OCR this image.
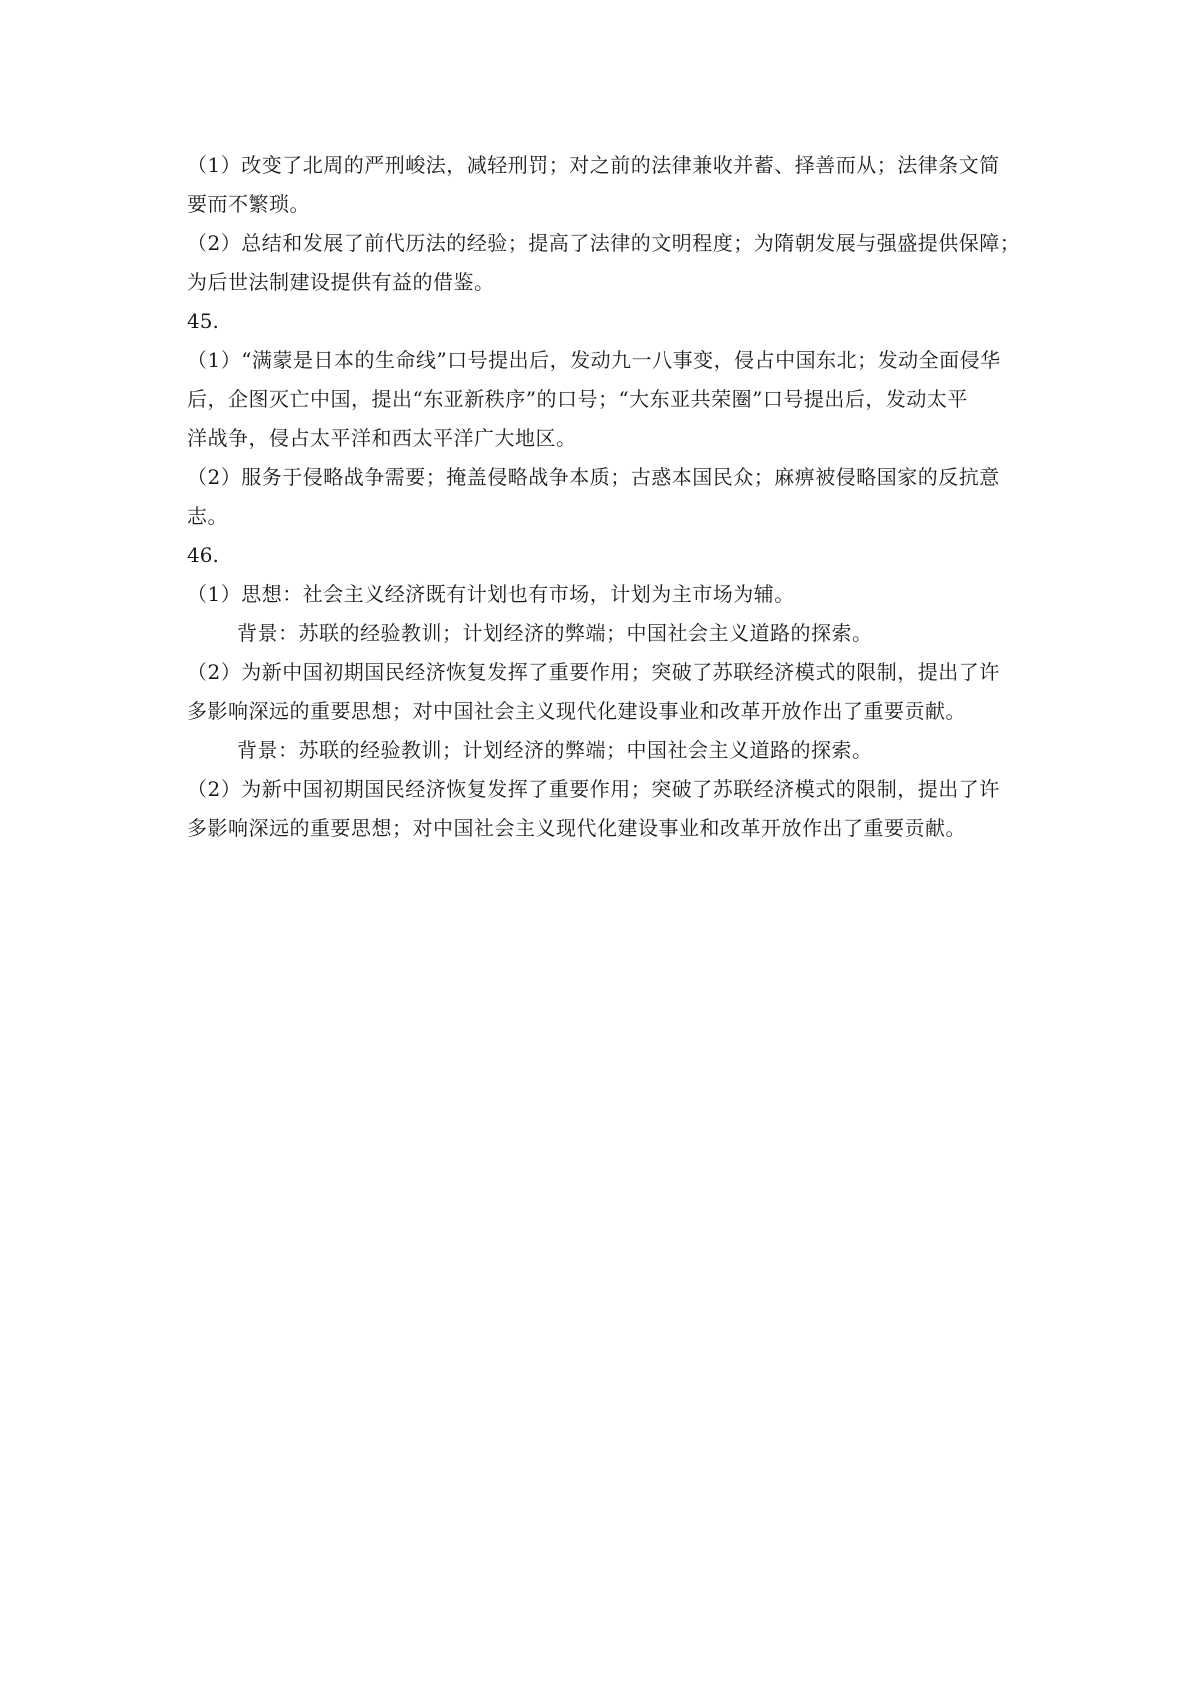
（1）改变了北周的严刑峻法，减轻刑罚；对之前的法律兼收并蓄、择善而从；法律条文简

要而不繁琐。

（2）总结和发展了前代历法的经验；提高了法律的文明程度；为隋朝发展与强盛提供保障；

为后世法制建设提供有益的借鉴。

45.

（1）“满蒙是日本的生命线”口号提出后，发动九一八事变，侵占中国东北；发动全面侵华

后，企图灭亡中国，提出“东亚新秩序”的口号；“大东亚共荣圈”口号提出后，发动太平

洋战争，侵占太平洋和西太平洋广大地区。

（2）服务于侵略战争需要；掩盖侵略战争本质；古惑本国民众；麻痹被侵略国家的反抗意

志。

46.

（1）思想：社会主义经济既有计划也有市场，计划为主市场为辅。

背景：苏联的经验教训；计划经济的弊端；中国社会主义道路的探索。

（2）为新中国初期国民经济恢复发挥了重要作用；突破了苏联经济模式的限制，提出了许

多影响深远的重要思想；对中国社会主义现代化建设事业和改革开放作出了重要贡献。

背景：苏联的经验教训；计划经济的弊端；中国社会主义道路的探索。

（2）为新中国初期国民经济恢复发挥了重要作用；突破了苏联经济模式的限制，提出了许

多影响深远的重要思想；对中国社会主义现代化建设事业和改革开放作出了重要贡献。
